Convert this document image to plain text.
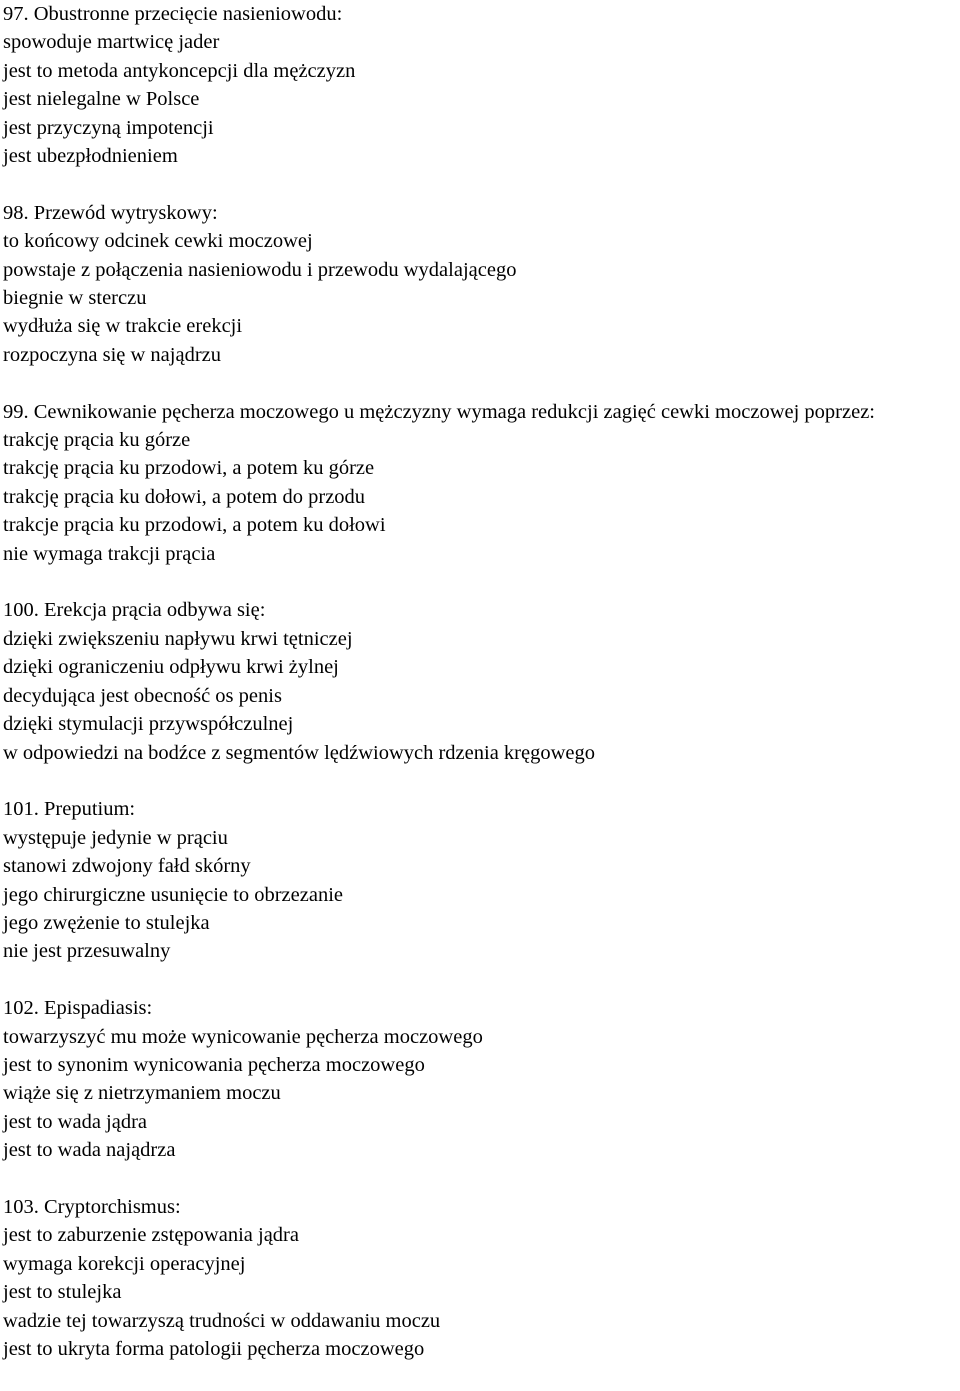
97. Obustronne przecięcie nasieniowodu:
spowoduje martwicę jader
jest to metoda antykoncepcji dla mężczyzn
jest nielegalne w Polsce
jest przyczyną impotencji
jest ubezpłodnieniem
98. Przewód wytryskowy:
to końcowy odcinek cewki moczowej
powstaje z połączenia nasieniowodu i przewodu wydalającego
biegnie w sterczu
wydłuża się w trakcie erekcji
rozpoczyna się w najądrzu
99. Cewnikowanie pęcherza moczowego u mężczyzny wymaga redukcji zagięć cewki moczowej poprzez:
trakcję prącia ku górze
trakcję prącia ku przodowi, a potem ku górze
trakcję prącia ku dołowi, a potem do przodu
trakcje prącia ku przodowi, a potem ku dołowi
nie wymaga trakcji prącia
100. Erekcja prącia odbywa się:
dzięki zwiększeniu napływu krwi tętniczej
dzięki ograniczeniu odpływu krwi żylnej
decydująca jest obecność os penis
dzięki stymulacji przywspółczulnej
w odpowiedzi na bodźce z segmentów lędźwiowych rdzenia kręgowego
101. Preputium:
występuje jedynie w prąciu
stanowi zdwojony fałd skórny
jego chirurgiczne usunięcie to obrzezanie
jego zwężenie to stulejka
nie jest przesuwalny
102. Epispadiasis:
towarzyszyć mu może wynicowanie pęcherza moczowego
jest to synonim wynicowania pęcherza moczowego
wiąże się z nietrzymaniem moczu
jest to wada jądra
jest to wada najądrza
103. Cryptorchismus:
jest to zaburzenie zstępowania jądra
wymaga korekcji operacyjnej
jest to stulejka
wadzie tej towarzyszą trudności w oddawaniu moczu
jest to ukryta forma patologii pęcherza moczowego
